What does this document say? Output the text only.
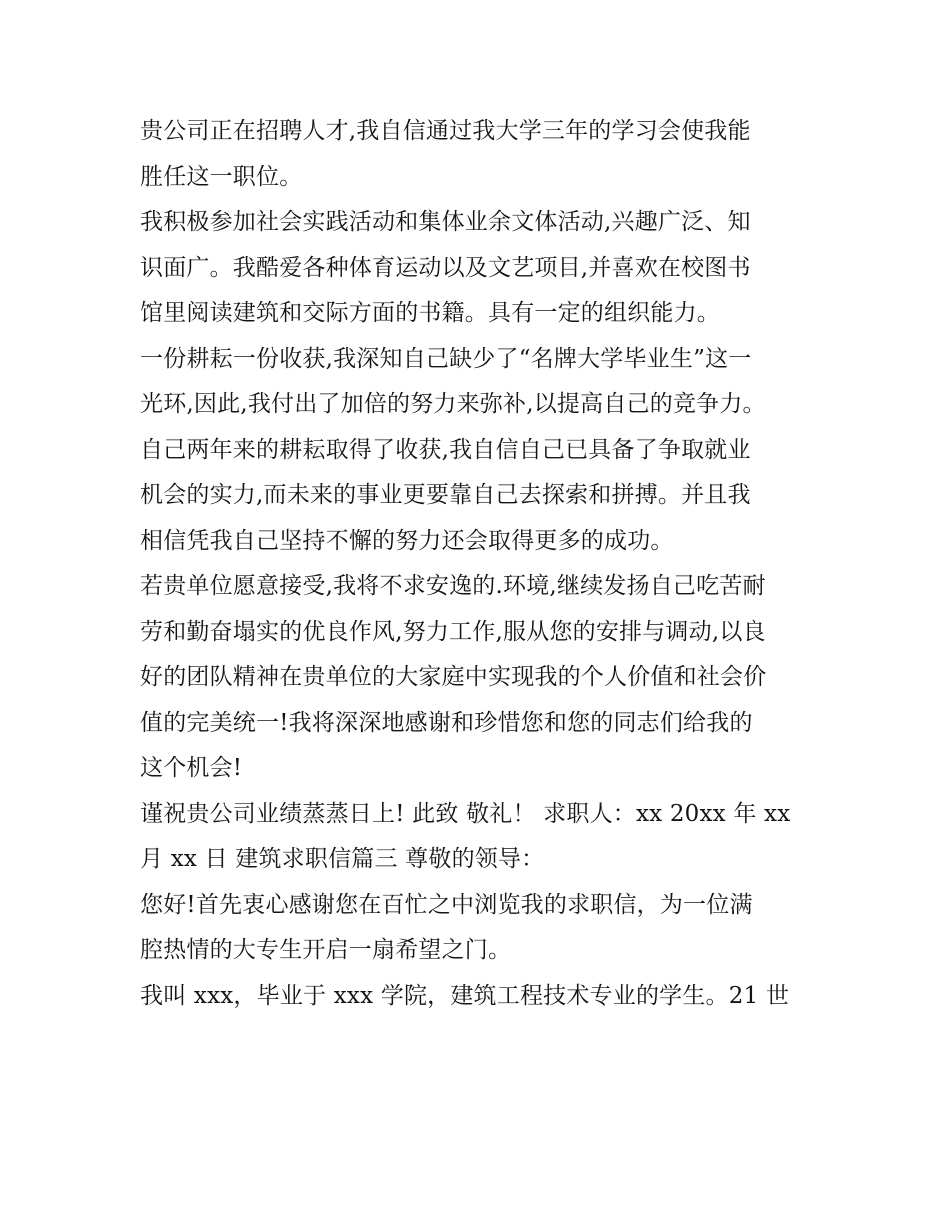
贵公司正在招聘人才,我自信通过我大学三年的学习会使我能
胜任这一职位。
我积极参加社会实践活动和集体业余文体活动,兴趣广泛、知
识面广。我酷爱各种体育运动以及文艺项目,并喜欢在校图书
馆里阅读建筑和交际方面的书籍。具有一定的组织能力。
一份耕耘一份收获,我深知自己缺少了“名牌大学毕业生”这一
光环,因此,我付出了加倍的努力来弥补,以提高自己的竞争力。
自己两年来的耕耘取得了收获,我自信自己已具备了争取就业
机会的实力,而未来的事业更要靠自己去探索和拼搏。并且我
相信凭我自己坚持不懈的努力还会取得更多的成功。
若贵单位愿意接受,我将不求安逸的.环境,继续发扬自己吃苦耐
劳和勤奋塌实的优良作风,努力工作,服从您的安排与调动,以良
好的团队精神在贵单位的大家庭中实现我的个人价值和社会价
值的完美统一!我将深深地感谢和珍惜您和您的同志们给我的
这个机会!
谨祝贵公司业绩蒸蒸日上! 此致 敬礼！ 求职人：xx 20xx 年 xx
月 xx 日 建筑求职信篇三 尊敬的领导：
您好!首先衷心感谢您在百忙之中浏览我的求职信，为一位满
腔热情的大专生开启一扇希望之门。
我叫 xxx，毕业于 xxx 学院，建筑工程技术专业的学生。21 世
